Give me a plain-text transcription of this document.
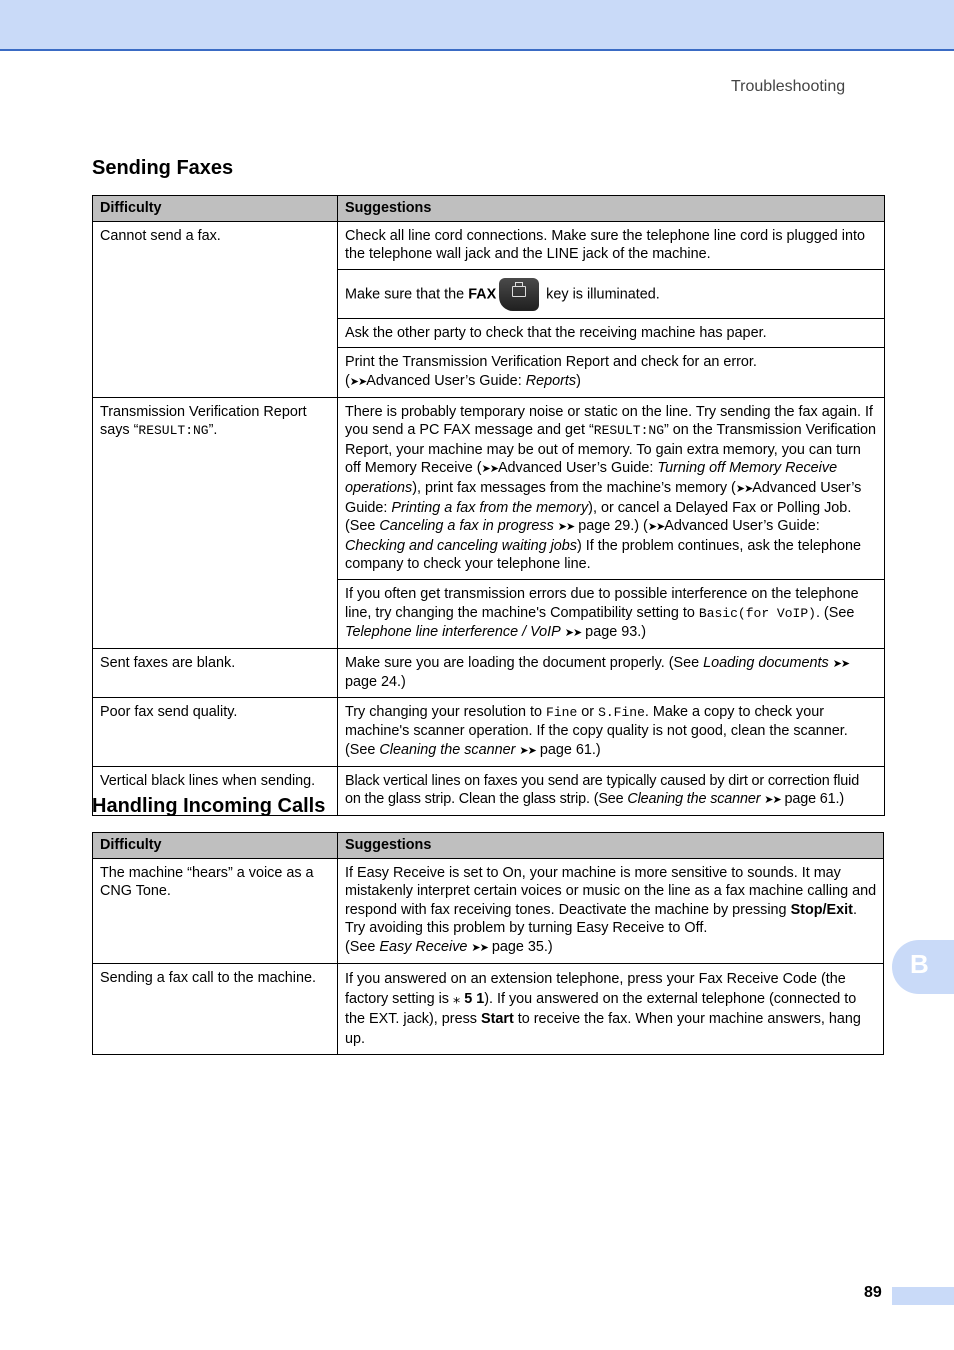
Troubleshooting
Sending Faxes
Difficulty	Suggestions
Cannot send a fax.	Check all line cord connections. Make sure the telephone line cord is plugged into the telephone wall jack and the LINE jack of the machine.
	Make sure that the FAX key is illuminated.
	Ask the other party to check that the receiving machine has paper.
	Print the Transmission Verification Report and check for an error.
(➤➤Advanced User’s Guide: Reports)
Transmission Verification Report says “RESULT:NG”.	There is probably temporary noise or static on the line. Try sending the fax again. If you send a PC FAX message and get “RESULT:NG” on the Transmission Verification Report, your machine may be out of memory. To gain extra memory, you can turn off Memory Receive (➤➤Advanced User’s Guide: Turning off Memory Receive operations), print fax messages from the machine’s memory (➤➤Advanced User’s Guide: Printing a fax from the memory), or cancel a Delayed Fax or Polling Job. (See Canceling a fax in progress ➤➤ page 29.) (➤➤Advanced User’s Guide: Checking and canceling waiting jobs) If the problem continues, ask the telephone company to check your telephone line.
	If you often get transmission errors due to possible interference on the telephone line, try changing the machine's Compatibility setting to Basic(for VoIP). (See Telephone line interference / VoIP ➤➤ page 93.)
Sent faxes are blank.	Make sure you are loading the document properly. (See Loading documents ➤➤ page 24.)
Poor fax send quality.	Try changing your resolution to Fine or S.Fine. Make a copy to check your machine's scanner operation. If the copy quality is not good, clean the scanner. (See Cleaning the scanner ➤➤ page 61.)
Vertical black lines when sending.	Black vertical lines on faxes you send are typically caused by dirt or correction fluid on the glass strip. Clean the glass strip. (See Cleaning the scanner ➤➤ page 61.)
Handling Incoming Calls
Difficulty	Suggestions
The machine “hears” a voice as a CNG Tone.	If Easy Receive is set to On, your machine is more sensitive to sounds. It may mistakenly interpret certain voices or music on the line as a fax machine calling and respond with fax receiving tones. Deactivate the machine by pressing Stop/Exit. Try avoiding this problem by turning Easy Receive to Off.
(See Easy Receive ➤➤ page 35.)
Sending a fax call to the machine.	If you answered on an extension telephone, press your Fax Receive Code (the factory setting is ⁎ 5 1). If you answered on the external telephone (connected to the EXT. jack), press Start to receive the fax. When your machine answers, hang up.
B
89
